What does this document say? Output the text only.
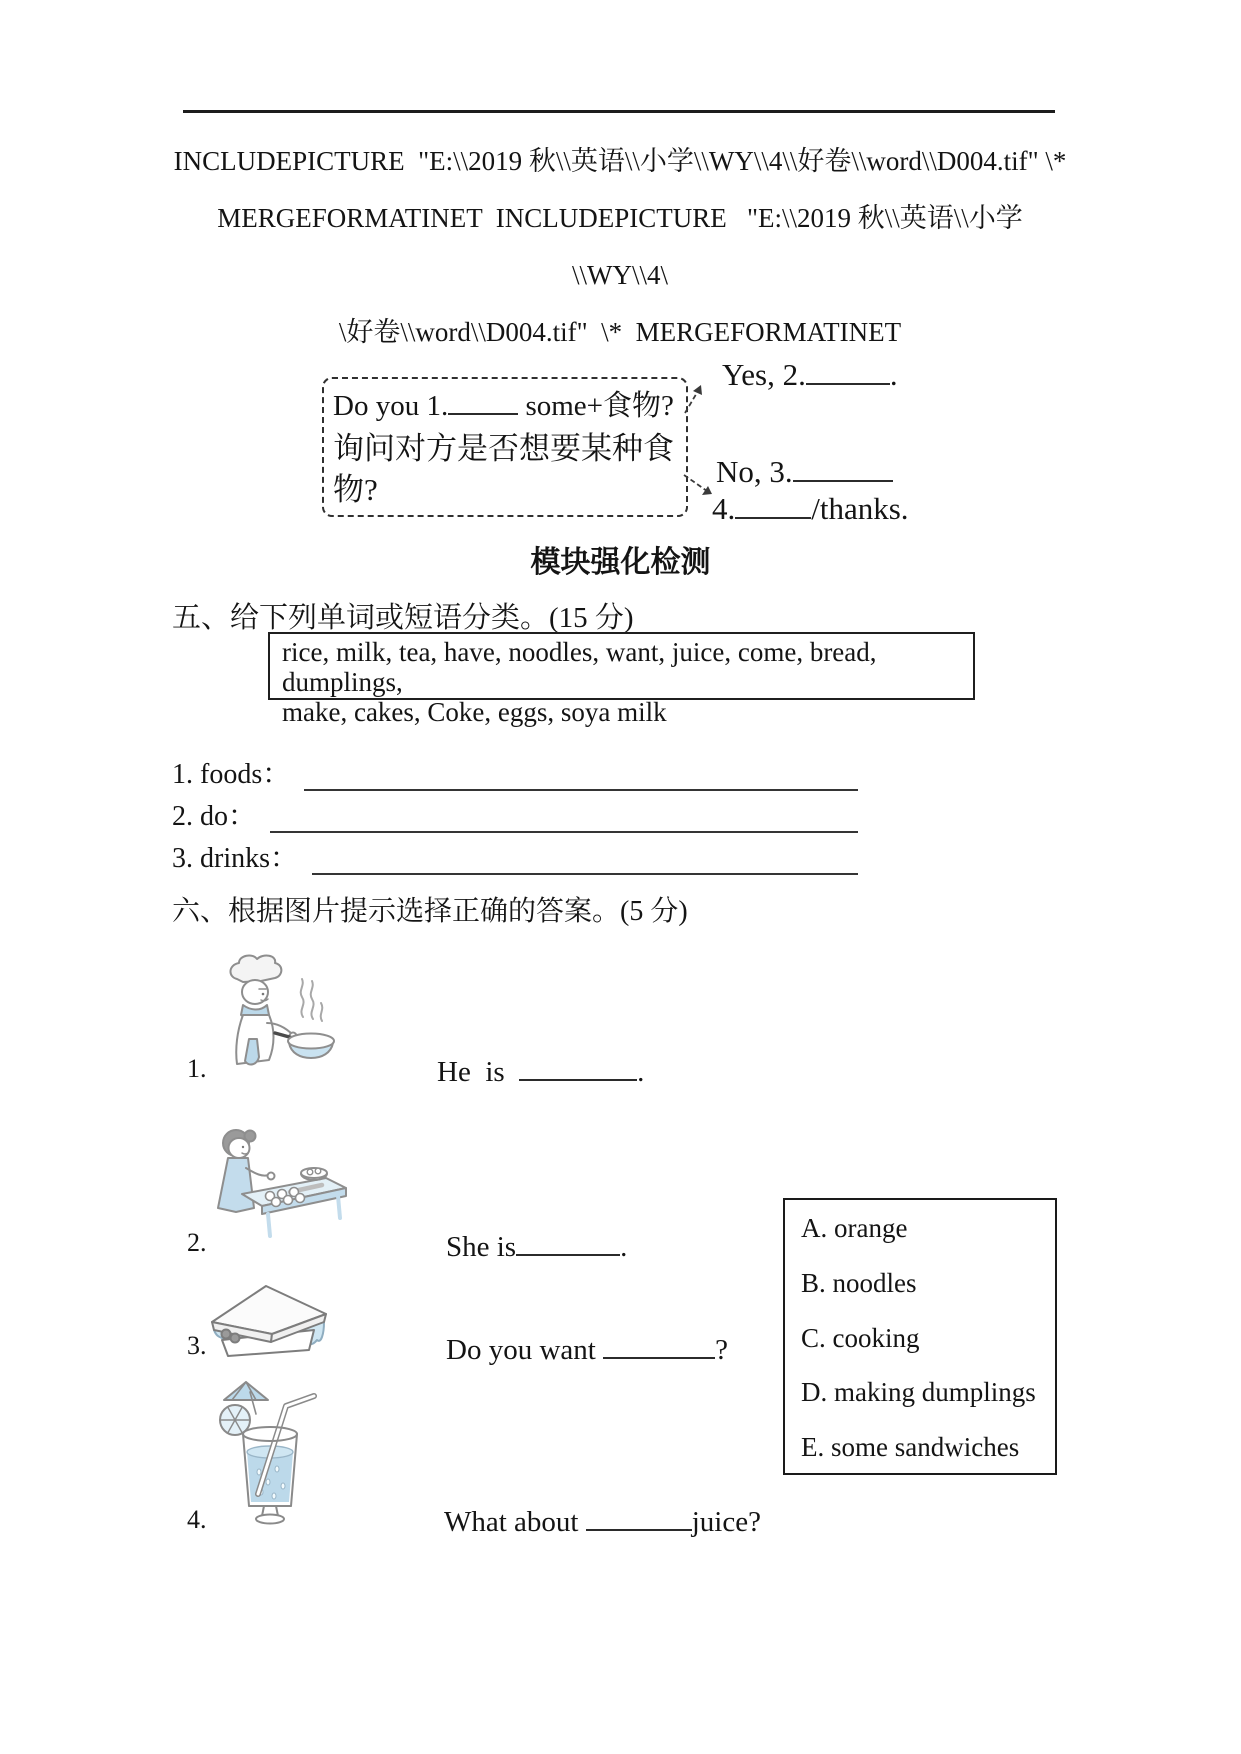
INCLUDEPICTURE  "E:\\2019 秋\\英语\\小学\\WY\\4\\好卷\\word\\D004.tif" \*
MERGEFORMATINET  INCLUDEPICTURE   "E:\\2019 秋\\英语\\小学\\WY\\4\
\好卷\\word\\D004.tif"  \*  MERGEFORMATINET
Do you 1. some+食物?
询问对方是否想要某种食物?
Yes, 2.	.
No, 3.
4. /thanks.
模块强化检测
五、给下列单词或短语分类。(15 分)
rice, milk, tea, have, noodles, want, juice, come, bread, dumplings,
make, cakes, Coke, eggs, soya milk
1. foods：
2. do：
3. drinks：
六、根据图片提示选择正确的答案。(5 分)
1.	He  is	.
2.	She is	.
3.	Do you want	?
4.	What about	juice?
A. orange
B. noodles
C. cooking
D. making dumplings
E. some sandwiches
